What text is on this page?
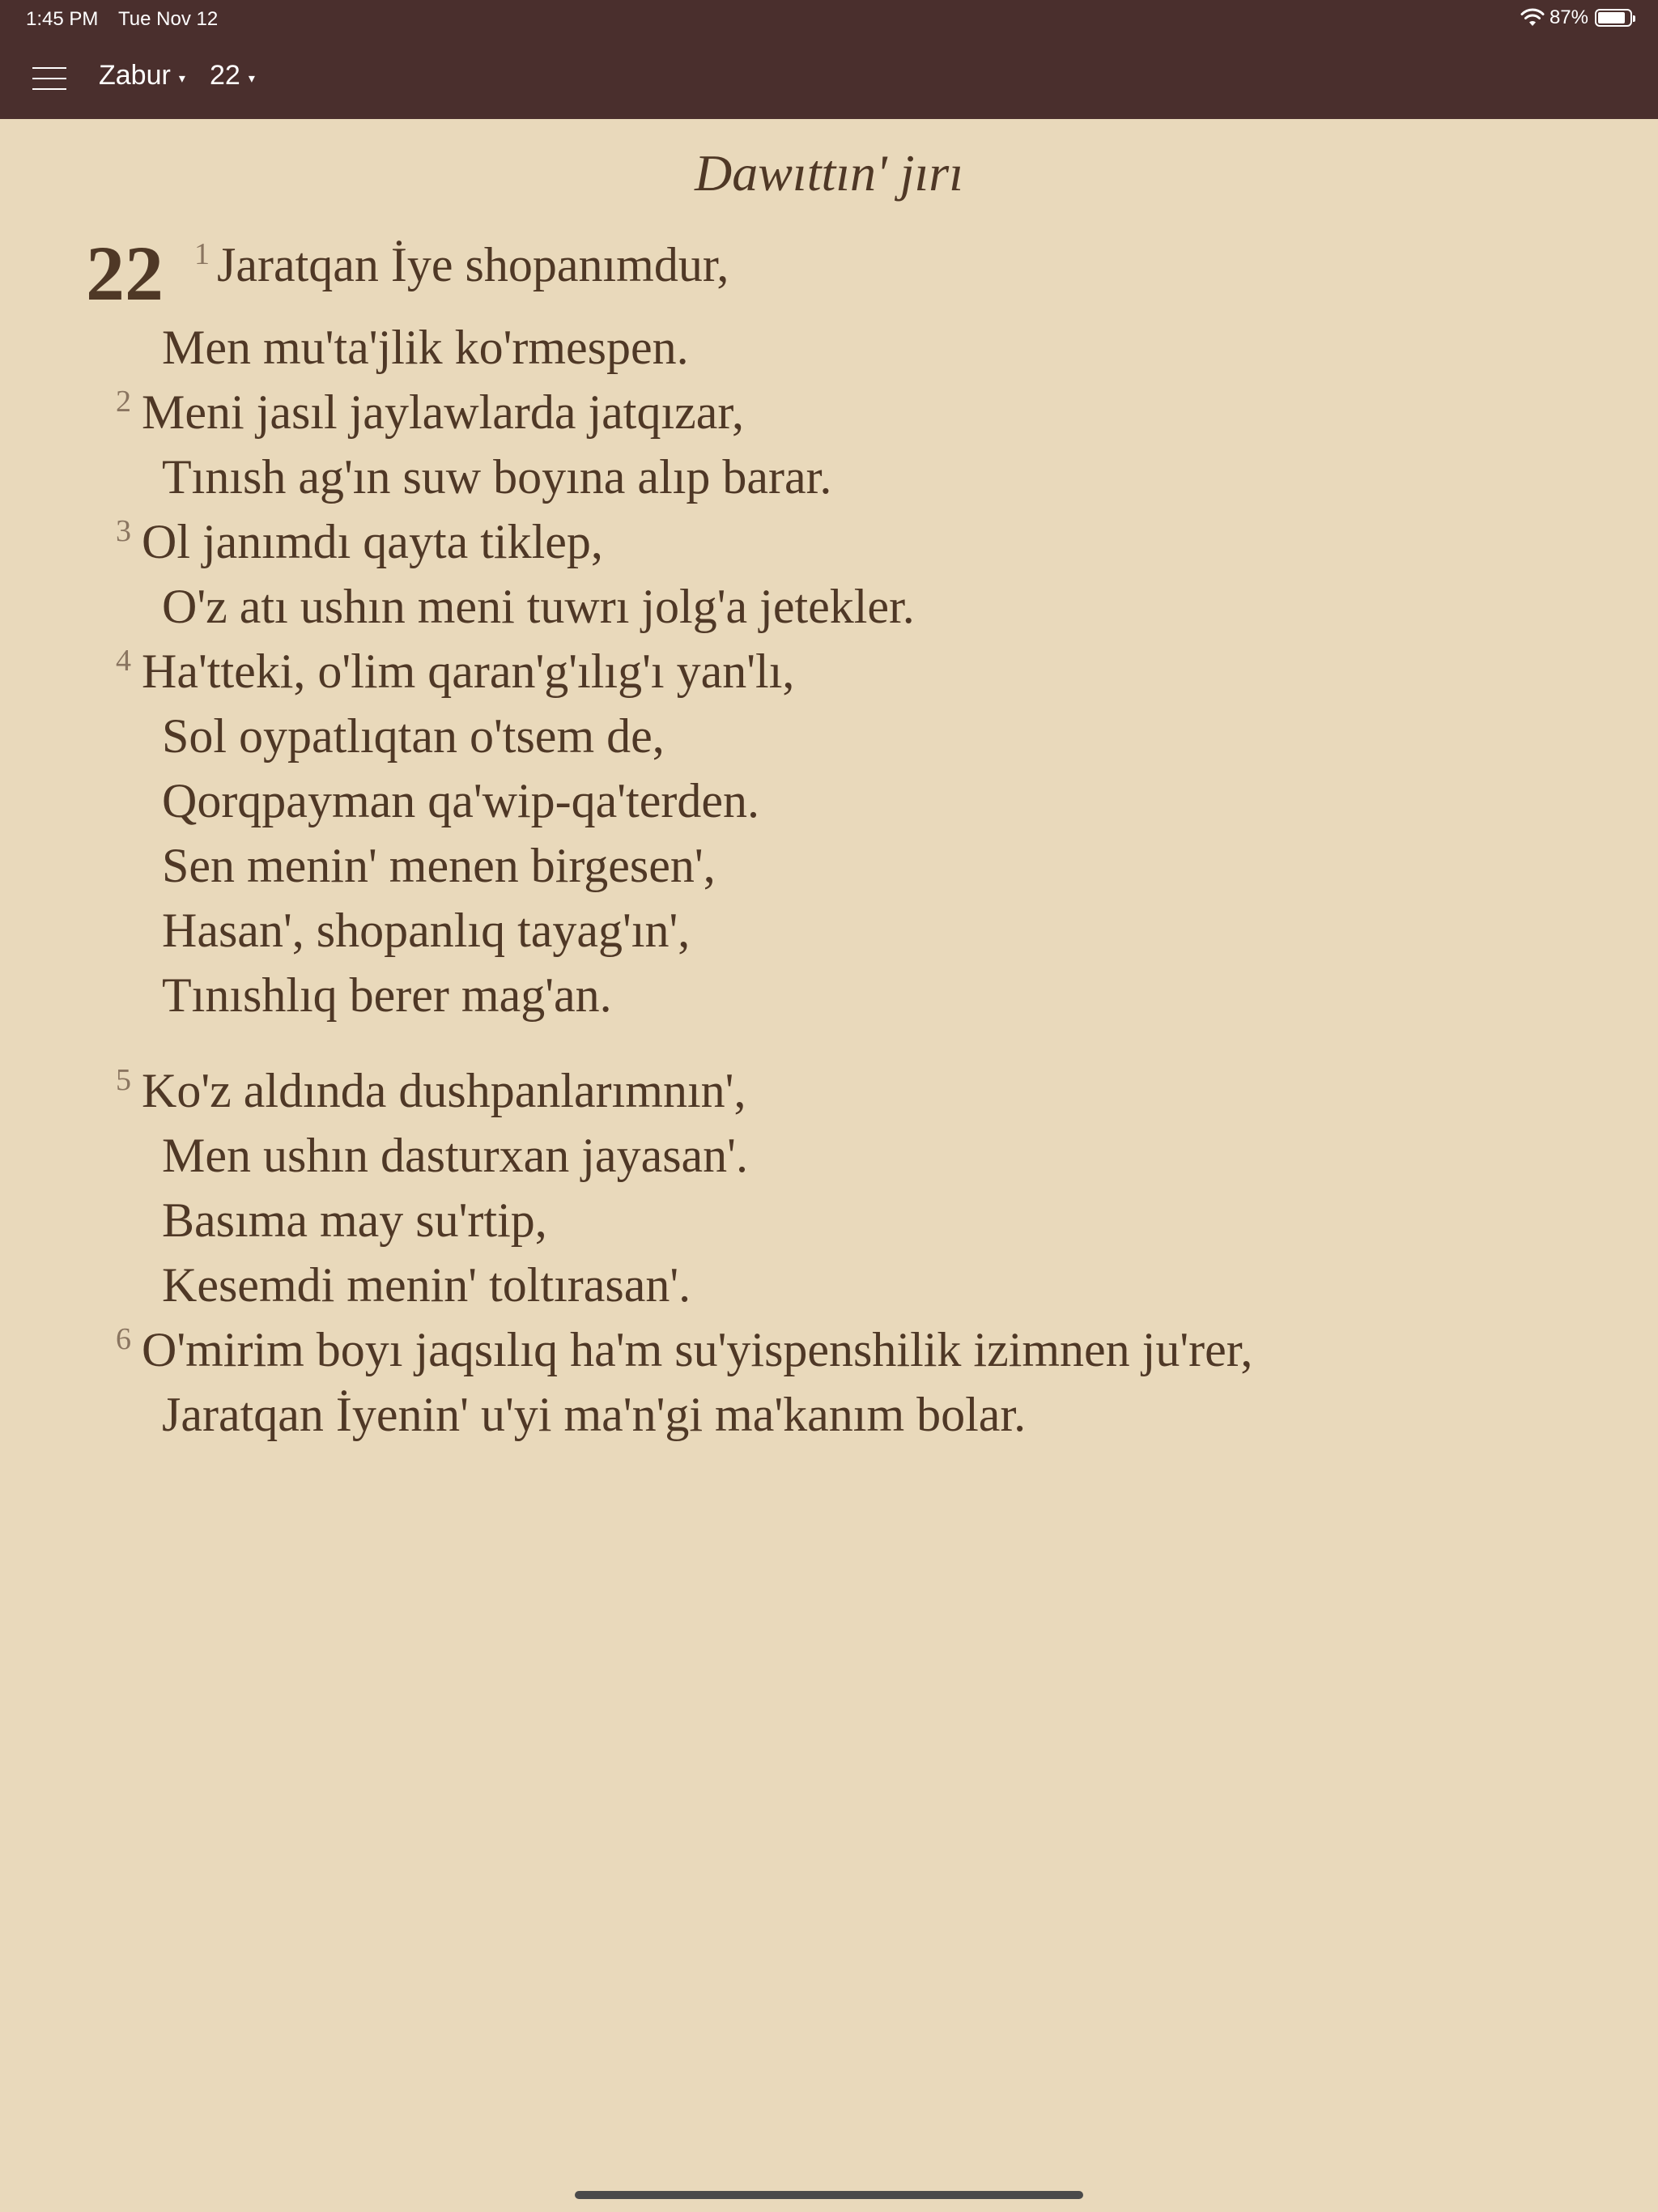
1:45 PM Tue Nov 12	87%
Zabur ▾ 22 ▾
Dawıttın' jırı
22 1 Jaratqan İye shopanımdur,
Men mu'ta'jlik ko'rmespen.
2 Meni jasıl jaylawlarda jatqızar,
Tınısh ag'ın suw boyına alıp barar.
3 Ol janımdı qayta tiklep,
O'z atı ushın meni tuwrı jolg'a jetekler.
4 Ha'tteki, o'lim qaran'g'ılıg'ı yan'lı,
Sol oypatlıqtan o'tsem de,
Qorqpayman qa'wip-qa'terden.
Sen menin' menen birgesen',
Hasan', shopanlıq tayag'ın',
Tınıshlıq berer mag'an.
5 Ko'z aldında dushpanlarımnın',
Men ushın dasturxan jayasan'.
Basıma may su'rtip,
Kesemdi menin' toltırasan'.
6 O'mirim boyı jaqsılıq ha'm su'yispenshilik izimnen ju'rer,
Jaratqan İyenin' u'yi ma'n'gi ma'kanım bolar.
